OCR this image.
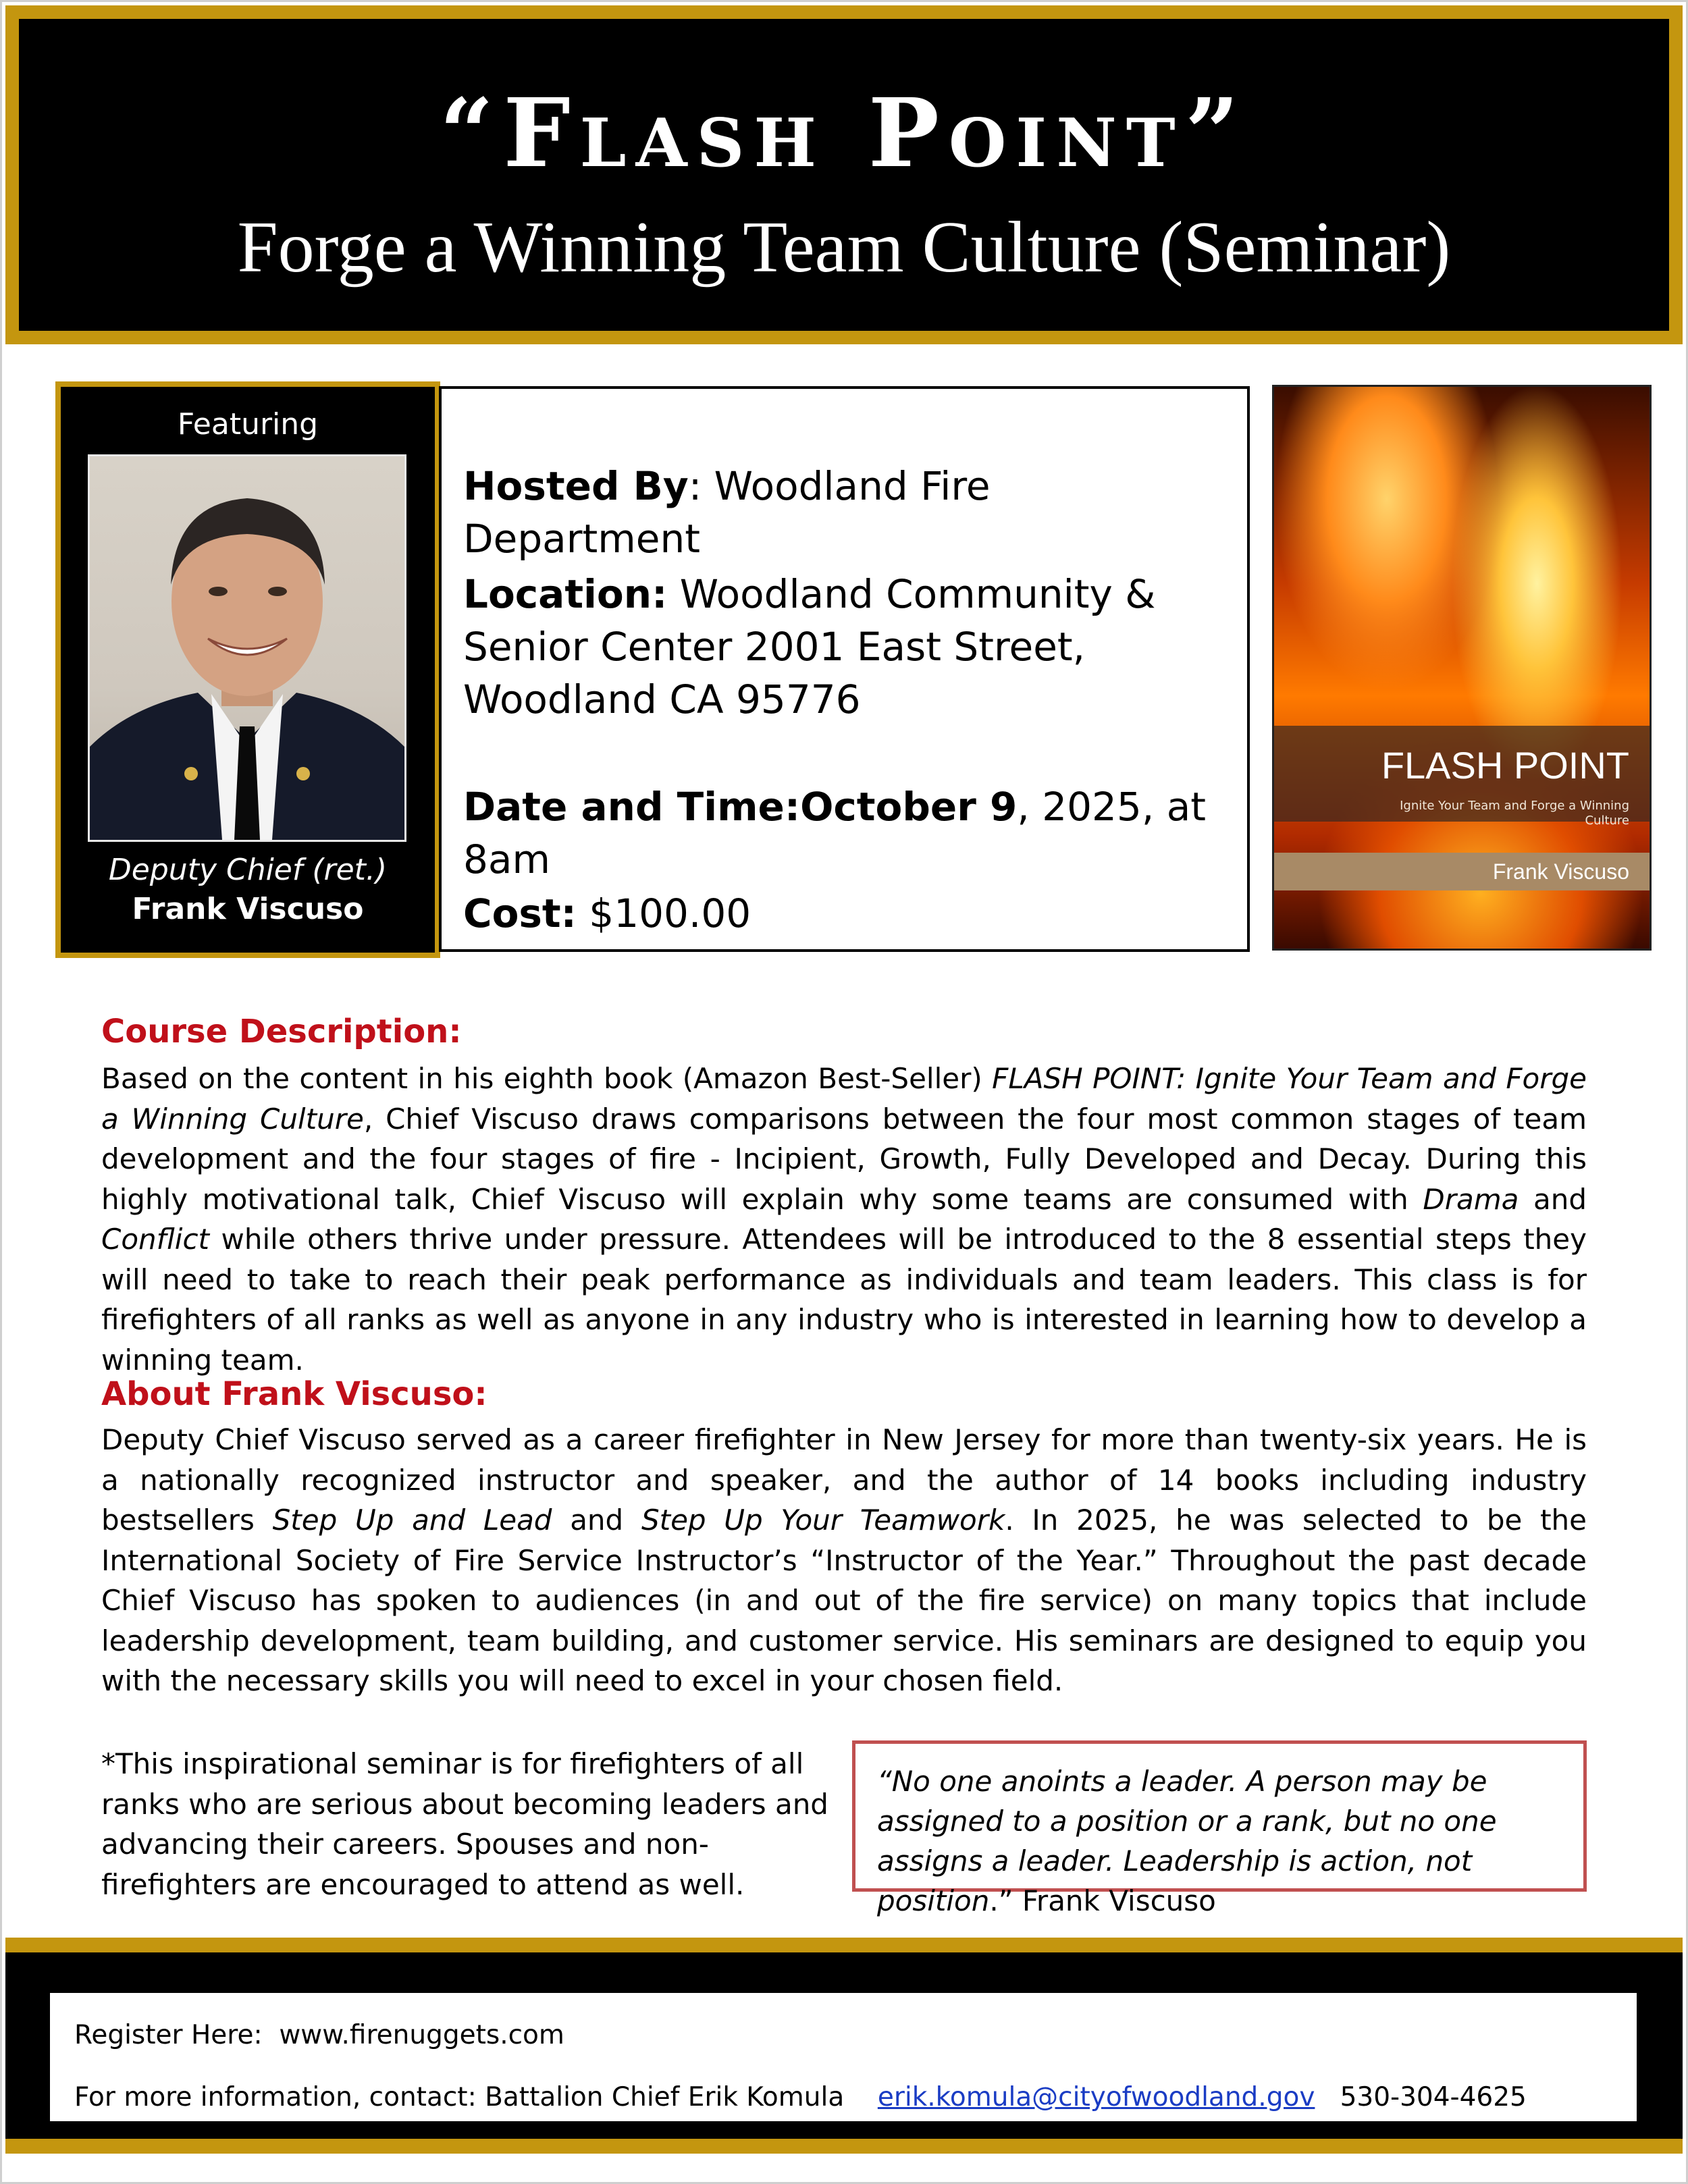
“Flash Point”
Forge a Winning Team Culture (Seminar)
Featuring
Deputy Chief (ret.)
Frank Viscuso

Hosted By: Woodland Fire Department

Location: Woodland Community & Senior Center 2001 East Street, Woodland CA 95776

Date and Time:October 9, 2025, at 8am

Cost: $100.00

FLASH POINT
Ignite Your Team and Forge a Winning Culture
Frank Viscuso
Course Description:
Based on the content in his eighth book (Amazon Best-Seller) FLASH POINT: Ignite Your Team and Forge a Winning Culture, Chief Viscuso draws comparisons between the four most common stages of team development and the four stages of fire - Incipient, Growth, Fully Developed and Decay. During this highly motivational talk, Chief Viscuso will explain why some teams are consumed with Drama and Conflict while others thrive under pressure. Attendees will be introduced to the 8 essential steps they will need to take to reach their peak performance as individuals and team leaders. This class is for firefighters of all ranks as well as anyone in any industry who is interested in learning how to develop a winning team.
About Frank Viscuso:
Deputy Chief Viscuso served as a career firefighter in New Jersey for more than twenty-six years. He is a nationally recognized instructor and speaker, and the author of 14 books including industry bestsellers Step Up and Lead and Step Up Your Teamwork. In 2025, he was selected to be the International Society of Fire Service Instructor’s “Instructor of the Year.” Throughout the past decade Chief Viscuso has spoken to audiences (in and out of the fire service) on many topics that include leadership development, team building, and customer service. His seminars are designed to equip you with the necessary skills you will need to excel in your chosen field.
*This inspirational seminar is for firefighters of all ranks who are serious about becoming leaders and advancing their careers. Spouses and non-firefighters are encouraged to attend as well.
“No one anoints a leader. A person may be assigned to a position or a rank, but no one assigns a leader. Leadership is action, not position.” Frank Viscuso
Register Here:  www.firenuggets.com
For more information, contact: Battalion Chief Erik Komula    erik.komula@cityofwoodland.gov   530-304-4625
